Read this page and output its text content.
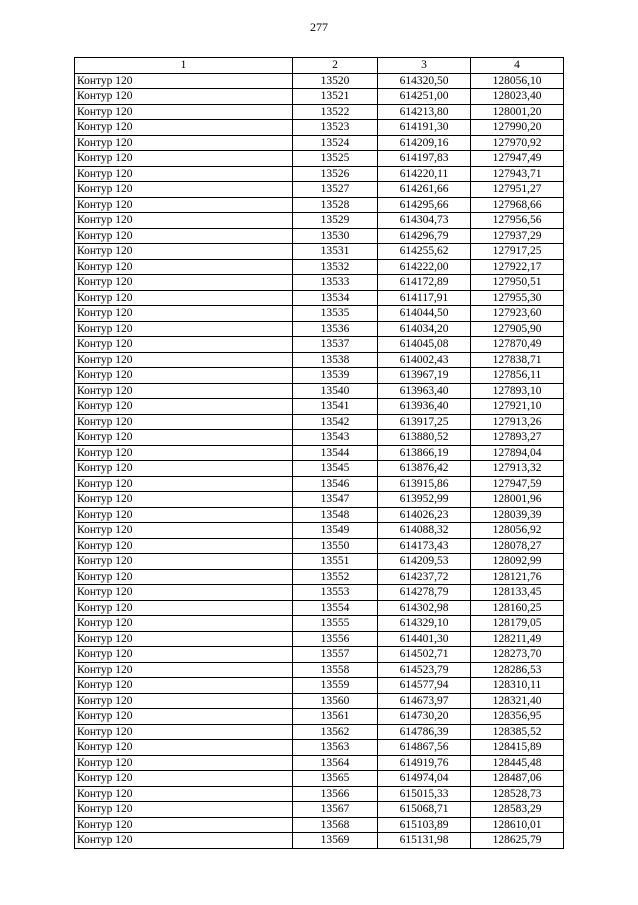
277
1	2	3	4
Контур 120	13520	614320,50	128056,10
Контур 120	13521	614251,00	128023,40
Контур 120	13522	614213,80	128001,20
Контур 120	13523	614191,30	127990,20
Контур 120	13524	614209,16	127970,92
Контур 120	13525	614197,83	127947,49
Контур 120	13526	614220,11	127943,71
Контур 120	13527	614261,66	127951,27
Контур 120	13528	614295,66	127968,66
Контур 120	13529	614304,73	127956,56
Контур 120	13530	614296,79	127937,29
Контур 120	13531	614255,62	127917,25
Контур 120	13532	614222,00	127922,17
Контур 120	13533	614172,89	127950,51
Контур 120	13534	614117,91	127955,30
Контур 120	13535	614044,50	127923,60
Контур 120	13536	614034,20	127905,90
Контур 120	13537	614045,08	127870,49
Контур 120	13538	614002,43	127838,71
Контур 120	13539	613967,19	127856,11
Контур 120	13540	613963,40	127893,10
Контур 120	13541	613936,40	127921,10
Контур 120	13542	613917,25	127913,26
Контур 120	13543	613880,52	127893,27
Контур 120	13544	613866,19	127894,04
Контур 120	13545	613876,42	127913,32
Контур 120	13546	613915,86	127947,59
Контур 120	13547	613952,99	128001,96
Контур 120	13548	614026,23	128039,39
Контур 120	13549	614088,32	128056,92
Контур 120	13550	614173,43	128078,27
Контур 120	13551	614209,53	128092,99
Контур 120	13552	614237,72	128121,76
Контур 120	13553	614278,79	128133,45
Контур 120	13554	614302,98	128160,25
Контур 120	13555	614329,10	128179,05
Контур 120	13556	614401,30	128211,49
Контур 120	13557	614502,71	128273,70
Контур 120	13558	614523,79	128286,53
Контур 120	13559	614577,94	128310,11
Контур 120	13560	614673,97	128321,40
Контур 120	13561	614730,20	128356,95
Контур 120	13562	614786,39	128385,52
Контур 120	13563	614867,56	128415,89
Контур 120	13564	614919,76	128445,48
Контур 120	13565	614974,04	128487,06
Контур 120	13566	615015,33	128528,73
Контур 120	13567	615068,71	128583,29
Контур 120	13568	615103,89	128610,01
Контур 120	13569	615131,98	128625,79
